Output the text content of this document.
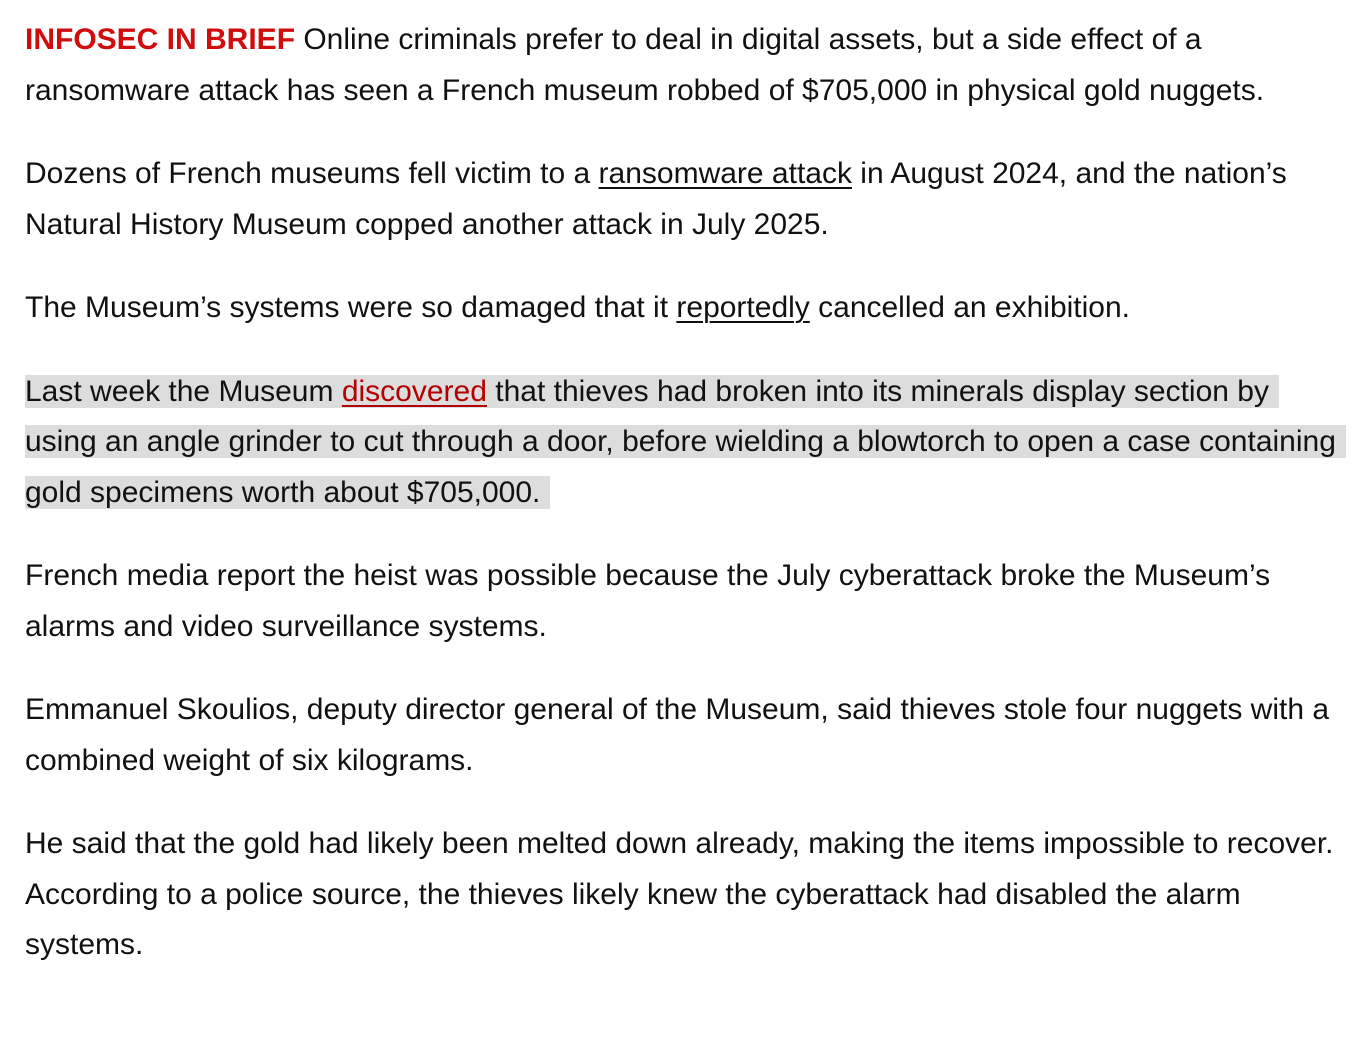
INFOSEC IN BRIEF Online criminals prefer to deal in digital assets, but a side effect of a ransomware attack has seen a French museum robbed of $705,000 in physical gold nuggets.

Dozens of French museums fell victim to a ransomware attack in August 2024, and the nation’s Natural History Museum copped another attack in July 2025.

The Museum’s systems were so damaged that it reportedly cancelled an exhibition.

Last week the Museum discovered that thieves had broken into its minerals display section by using an angle grinder to cut through a door, before wielding a blowtorch to open a case containing gold specimens worth about $705,000.

French media report the heist was possible because the July cyberattack broke the Museum’s alarms and video surveillance systems.

Emmanuel Skoulios, deputy director general of the Museum, said thieves stole four nuggets with a combined weight of six kilograms.

He said that the gold had likely been melted down already, making the items impossible to recover. According to a police source, the thieves likely knew the cyberattack had disabled the alarm systems.
